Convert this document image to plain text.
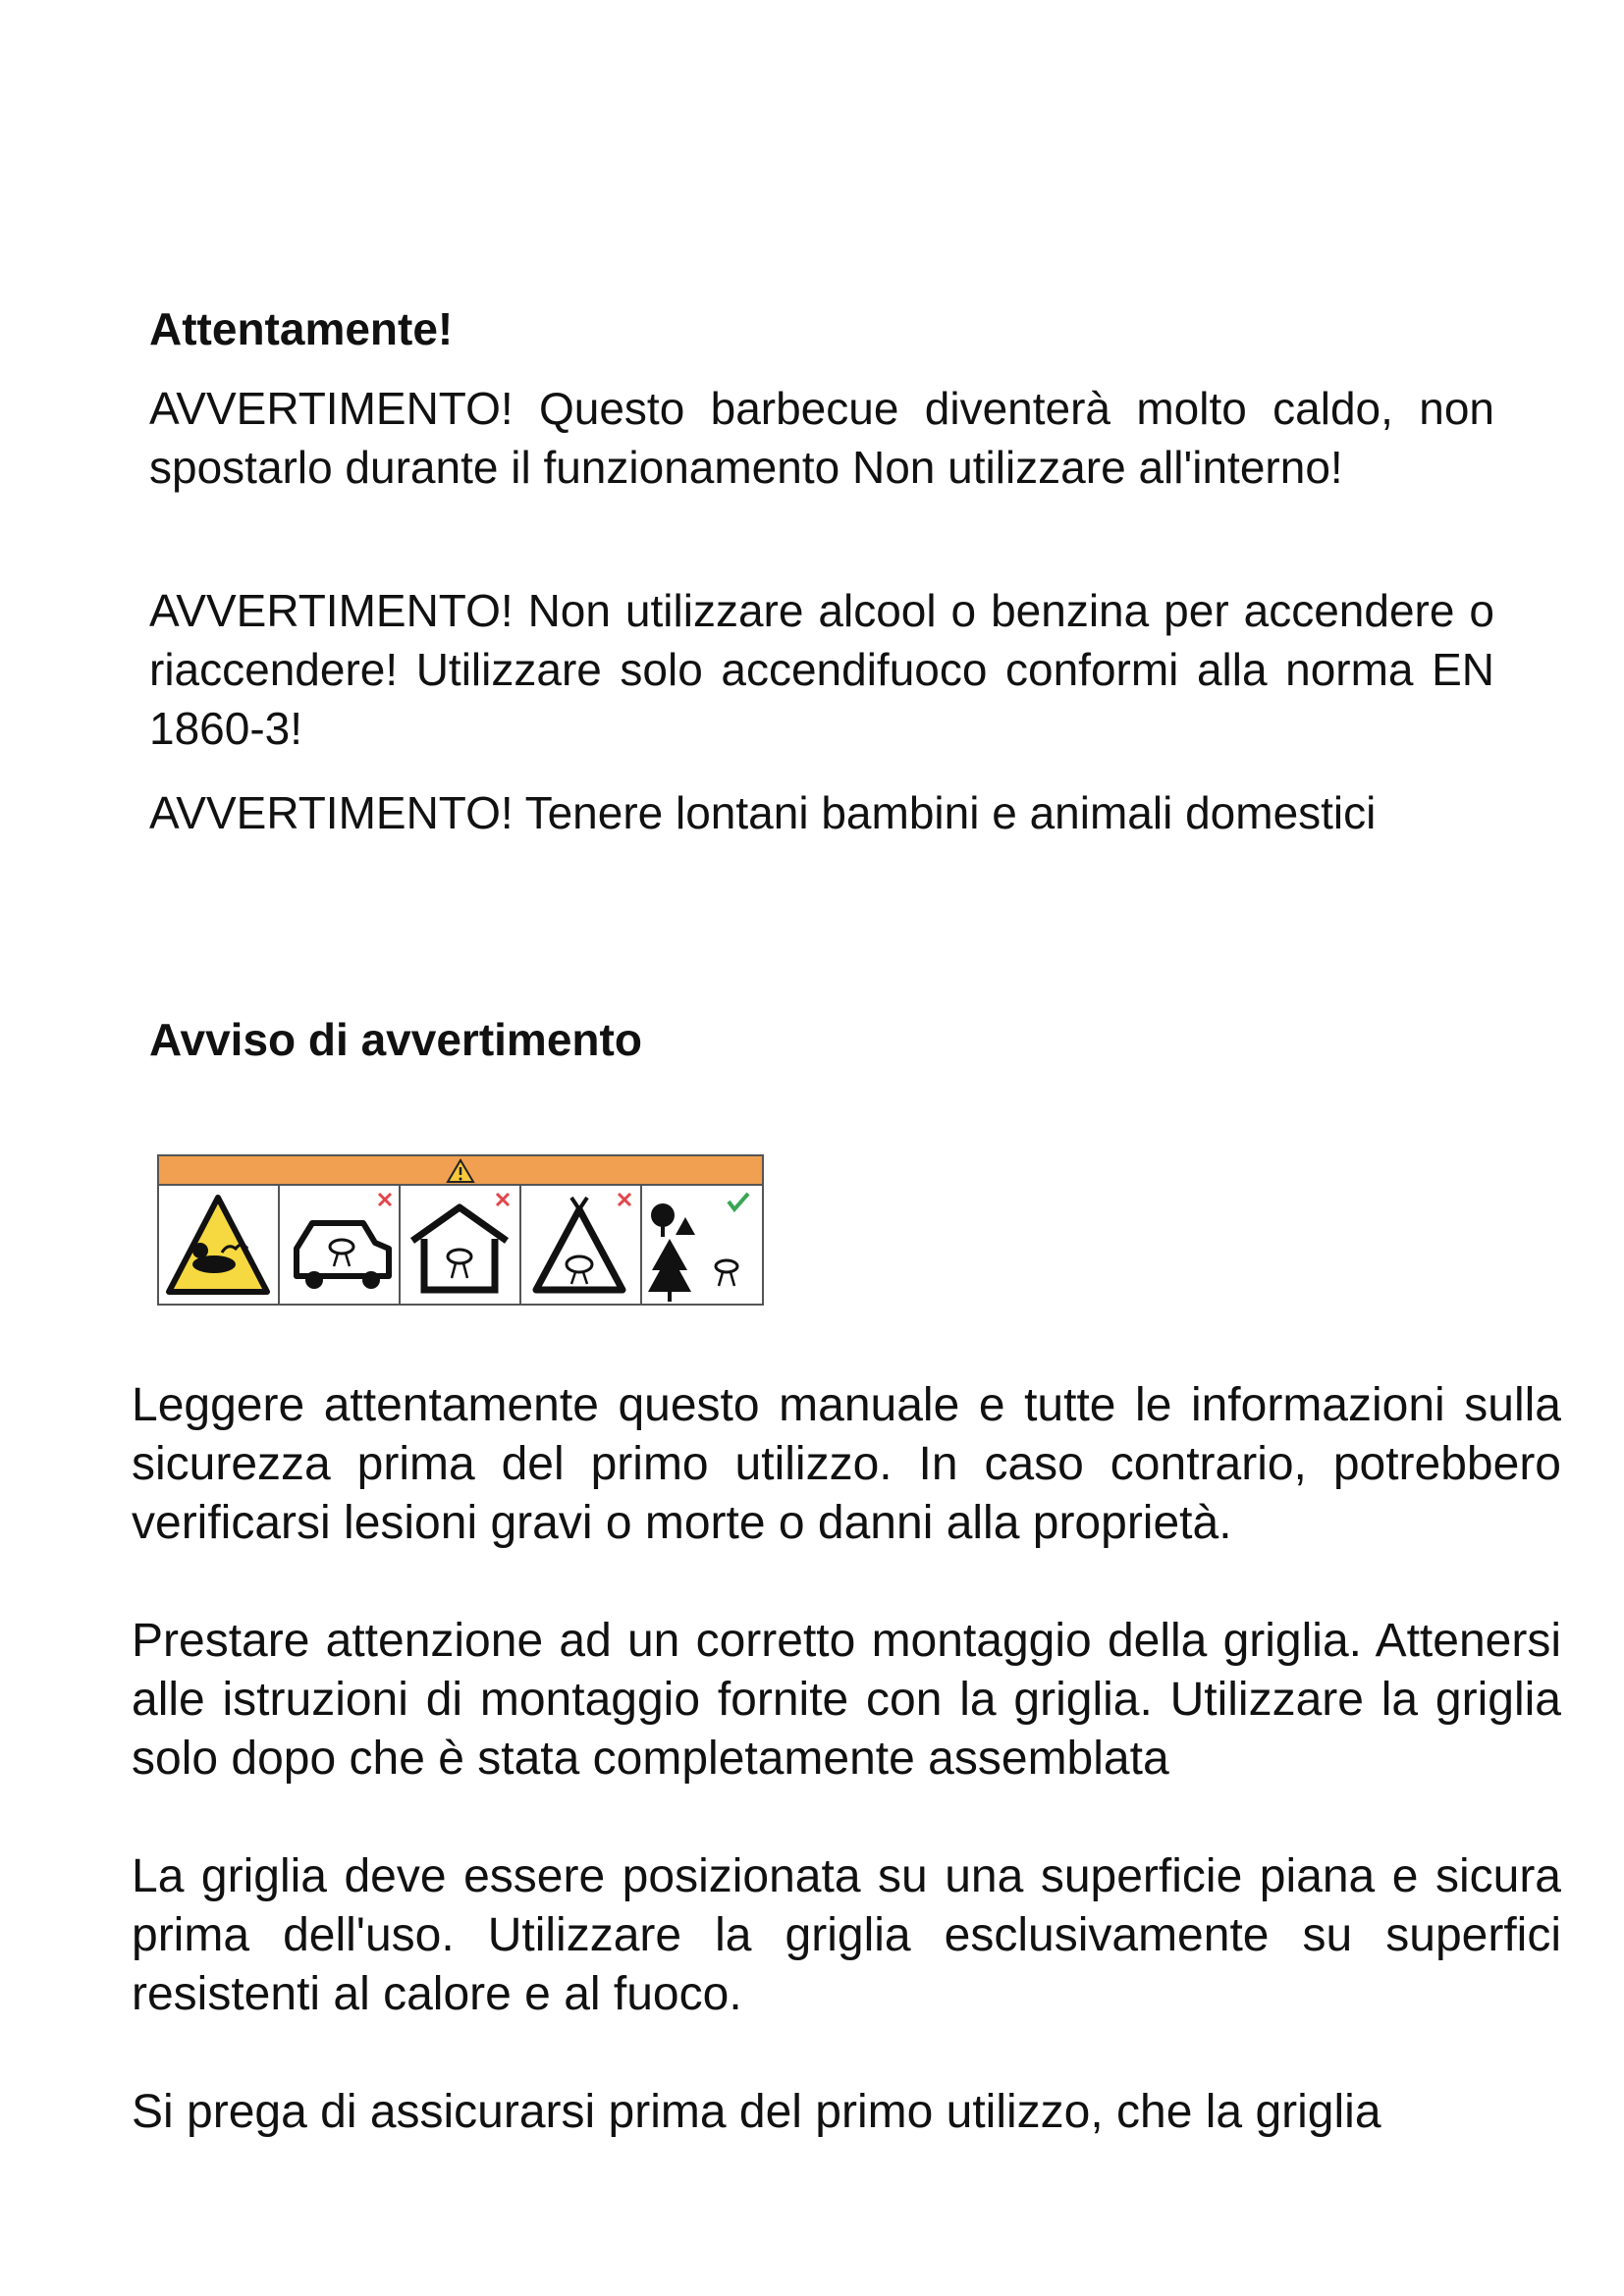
Attentamente!

AVVERTIMENTO! Questo barbecue diventerà molto caldo, non spostarlo durante il funzionamento Non utilizzare all'interno!

AVVERTIMENTO! Non utilizzare alcool o benzina per accendere o riaccendere! Utilizzare solo accendifuoco conformi alla norma EN 1860-3!

AVVERTIMENTO! Tenere lontani bambini e animali domestici

Avviso di avvertimento

Leggere attentamente questo manuale e tutte le informazioni sulla sicurezza prima del primo utilizzo. In caso contrario, potrebbero verificarsi lesioni gravi o morte o danni alla proprietà.

Prestare attenzione ad un corretto montaggio della griglia. Attenersi alle istruzioni di montaggio fornite con la griglia. Utilizzare la griglia solo dopo che è stata completamente assemblata

La griglia deve essere posizionata su una superficie piana e sicura prima dell'uso. Utilizzare la griglia esclusivamente su superfici resistenti al calore e al fuoco.

Si prega di assicurarsi prima del primo utilizzo, che la griglia
